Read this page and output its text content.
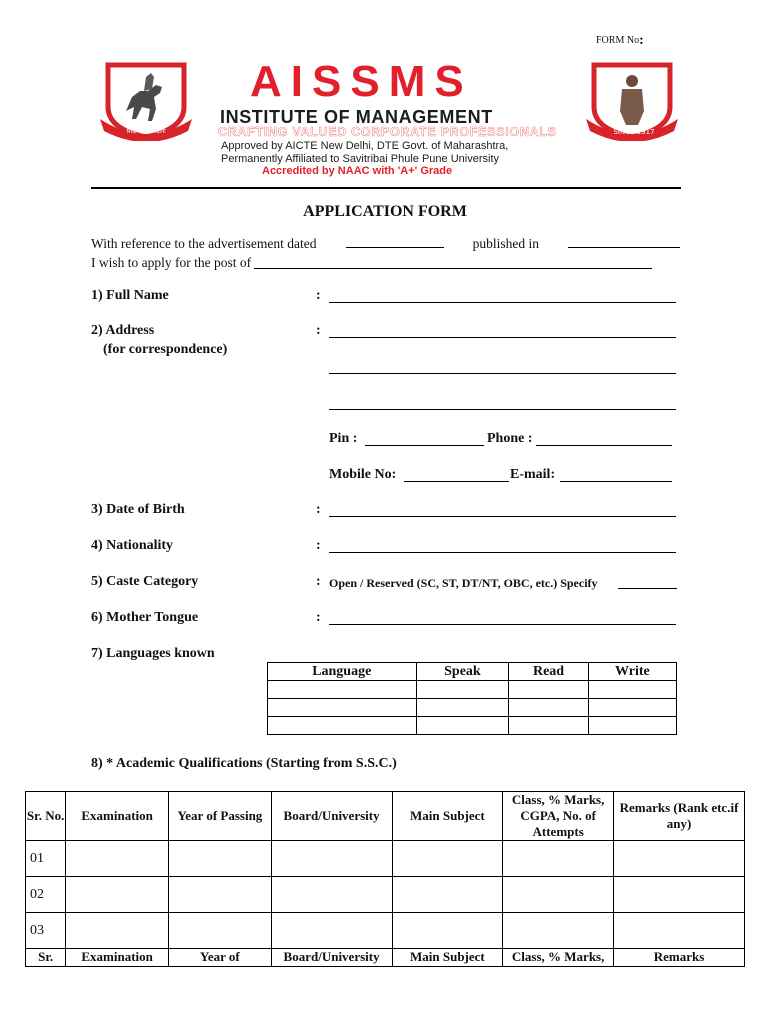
FORM No:
शिक्षणाय हस्तक्षेपः	SINCE 1917
AISSMS
INSTITUTE OF MANAGEMENT
CRAFTING VALUED CORPORATE PROFESSIONALS
Approved by AICTE New Delhi, DTE Govt. of Maharashtra,
Permanently Affiliated to Savitribai Phule Pune University
Accredited by NAAC with 'A+' Grade
APPLICATION FORM
With reference to the advertisement dated	published in
I wish to apply for the post of
1) Full Name	:
2) Address
(for correspondence)
:
Pin :	Phone :
Mobile No:	E-mail:
3) Date of Birth	:
4) Nationality	:
5) Caste Category	: Open / Reserved (SC, ST, DT/NT, OBC, etc.) Specify
6) Mother Tongue	:
7) Languages known
Language	Speak	Read	Write

8) * Academic Qualifications (Starting from S.S.C.)
Sr. No.	Examination	Year of Passing	Board/University	Main Subject	Class, % Marks, CGPA, No. of Attempts	Remarks (Rank etc.if any)
01						
02						
03						
Sr.	Examination	Year of	Board/University	Main Subject	Class, % Marks,	Remarks
